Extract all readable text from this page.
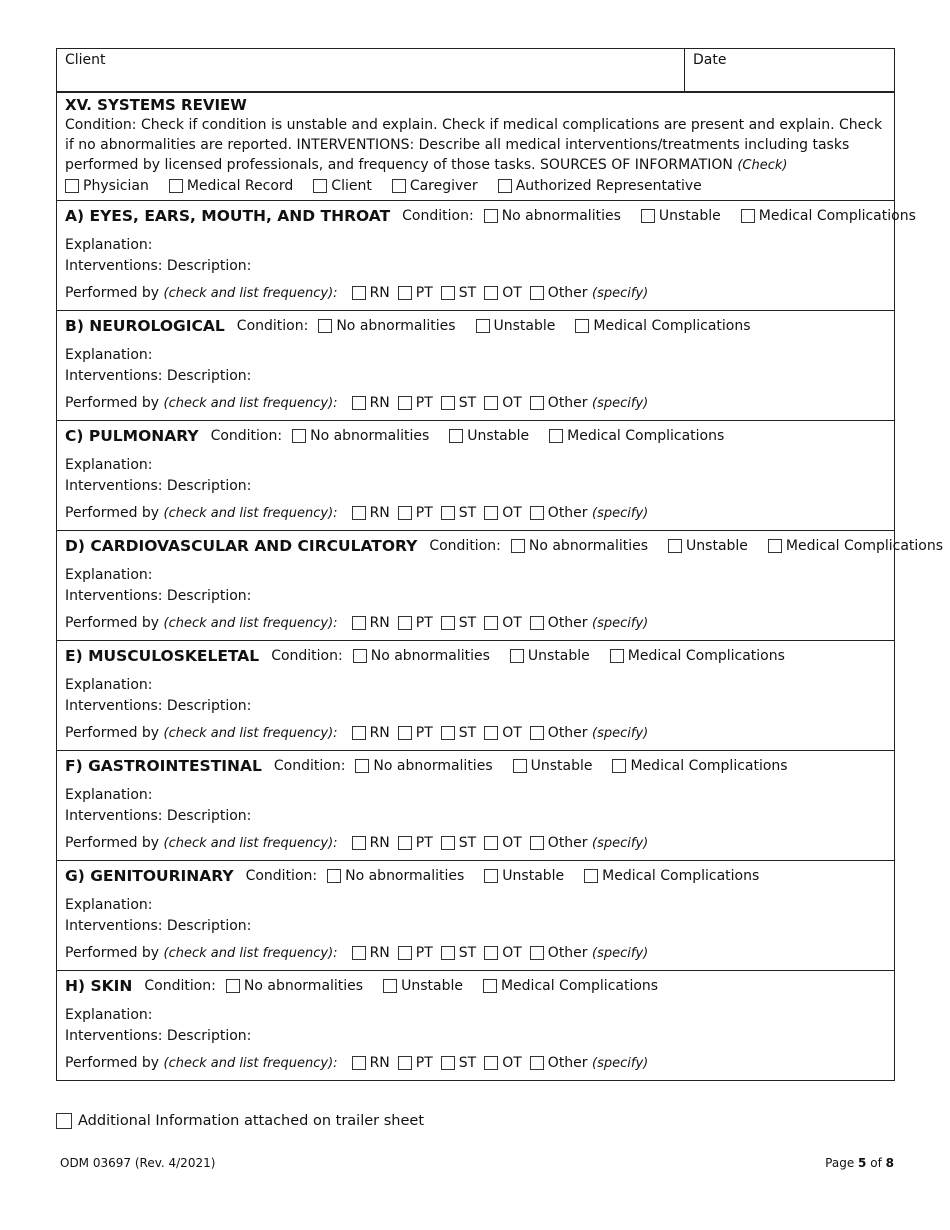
Client	Date

XV. SYSTEMS REVIEW
Condition: Check if condition is unstable and explain. Check if medical complications are present and explain. Check if no abnormalities are reported. INTERVENTIONS: Describe all medical interventions/treatments including tasks performed by licensed professionals, and frequency of those tasks. SOURCES OF INFORMATION (Check)
Physician	Medical Record	Client	Caregiver	Authorized Representative

A) EYES, EARS, MOUTH, AND THROAT Condition: No abnormalities	Unstable	Medical Complications
Explanation:
Interventions: Description:
Performed by (check and list frequency): RN PT ST OT Other
(specify)

B) NEUROLOGICAL Condition: No abnormalities	Unstable	Medical Complications
Explanation:
Interventions: Description:
Performed by (check and list frequency): RN PT ST OT Other
(specify)

C) PULMONARY Condition: No abnormalities	Unstable	Medical Complications
Explanation:
Interventions: Description:
Performed by (check and list frequency): RN PT ST OT Other
(specify)

D) CARDIOVASCULAR AND CIRCULATORY Condition: No abnormalities	Unstable	Medical Complications
Explanation:
Interventions: Description:
Performed by (check and list frequency): RN PT ST OT Other
(specify)

E) MUSCULOSKELETAL Condition: No abnormalities	Unstable	Medical Complications
Explanation:
Interventions: Description:
Performed by (check and list frequency): RN PT ST OT Other
(specify)

F) GASTROINTESTINAL Condition: No abnormalities	Unstable	Medical Complications
Explanation:
Interventions: Description:
Performed by (check and list frequency): RN PT ST OT Other
(specify)

G) GENITOURINARY Condition: No abnormalities	Unstable	Medical Complications
Explanation:
Interventions: Description:
Performed by (check and list frequency): RN PT ST OT Other
(specify)

H) SKIN Condition: No abnormalities	Unstable	Medical Complications
Explanation:
Interventions: Description:
Performed by (check and list frequency): RN PT ST OT Other
(specify)
Additional Information attached on trailer sheet
ODM 03697 (Rev. 4/2021)	Page 5 of 8
